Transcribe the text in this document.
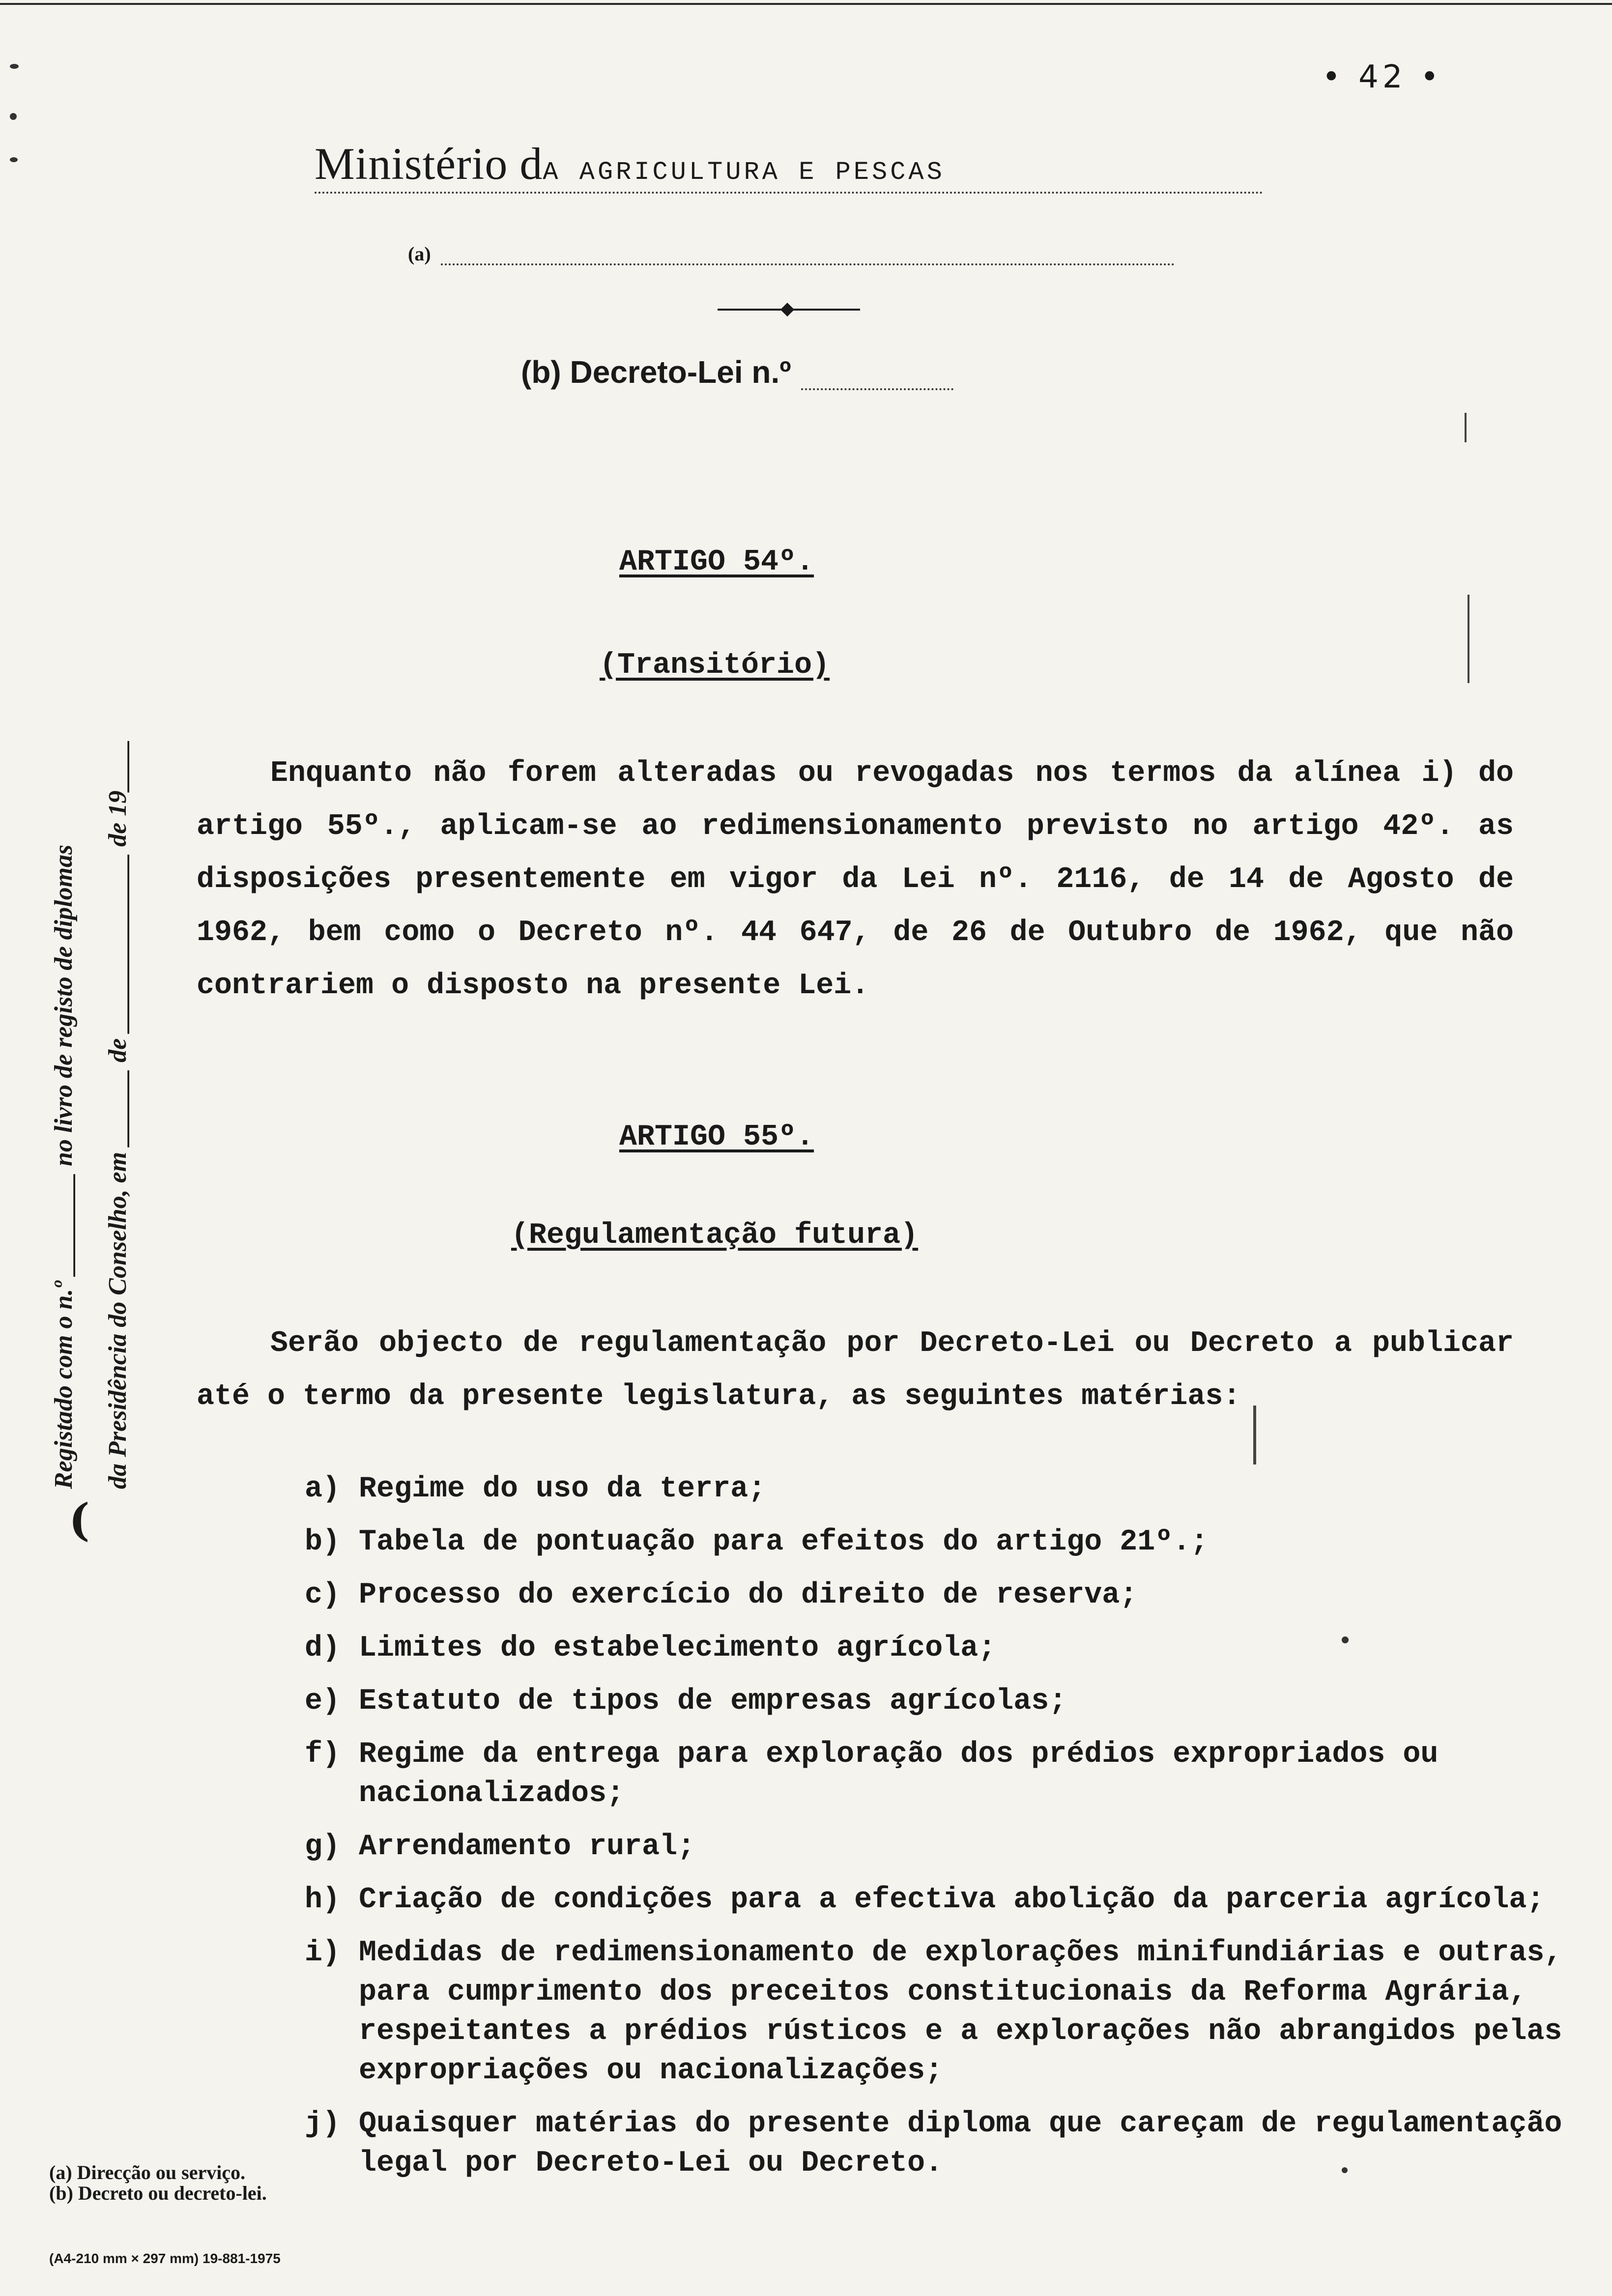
• 42 •
Ministério dA AGRICULTURA E PESCAS
(a)
(b) Decreto-Lei n.º
Registado com o n.º ________ no livro de registo de diplomas da Presidência do Conselho, em ______ de ______________ de 19____
(
ARTIGO 54º.
(Transitório)
Enquanto não forem alteradas ou revogadas nos termos da alínea i) do artigo 55º., aplicam-se ao redimensionamento previsto no artigo 42º. as disposições presentemente em vigor da Lei nº. 2116, de 14 de Agosto de 1962, bem como o Decreto nº. 44 647, de 26 de Outubro de 1962, que não contrariem o disposto na presente Lei.
ARTIGO 55º.
(Regulamentação futura)
Serão objecto de regulamentação por Decreto-Lei ou Decreto a publicar até o termo da presente legislatura, as seguintes matérias:
a) Regime do uso da terra;
b) Tabela de pontuação para efeitos do artigo 21º.;
c) Processo do exercício do direito de reserva;
d) Limites do estabelecimento agrícola;
e) Estatuto de tipos de empresas agrícolas;
f) Regime da entrega para exploração dos prédios expropriados ou nacionalizados;
g) Arrendamento rural;
h) Criação de condições para a efectiva abolição da parceria agrícola;
i) Medidas de redimensionamento de explorações minifundiárias e outras, para cumprimento dos preceitos constitucionais da Reforma Agrária, respeitantes a prédios rústicos e a explorações não abrangidos pelas expropriações ou nacionalizações;
j) Quaisquer matérias do presente diploma que careçam de regulamentação legal por Decreto-Lei ou Decreto.
(a) Direcção ou serviço.
(b) Decreto ou decreto-lei.
(A4-210 mm × 297 mm) 19-881-1975
